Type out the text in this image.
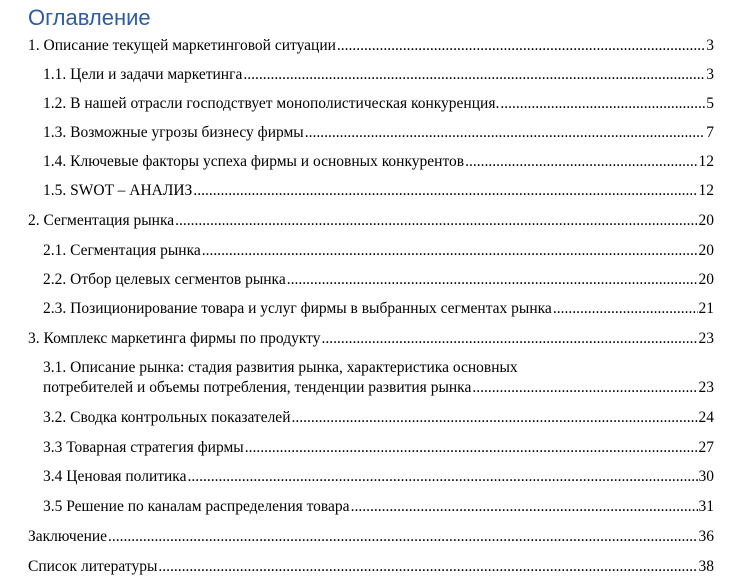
Оглавление
1. Описание текущей маркетинговой ситуации .....	3
1.1. Цели и задачи маркетинга .....	3
1.2. В нашей отрасли господствует монополистическая конкуренция. .....	5
1.3. Возможные угрозы бизнесу фирмы .....	7
1.4. Ключевые факторы успеха фирмы и основных конкурентов .....	12
1.5. SWOT – АНАЛИЗ .....	12
2. Сегментация рынка .....	20
2.1. Сегментация рынка .....	20
2.2. Отбор целевых сегментов рынка .....	20
2.3. Позиционирование товара и услуг фирмы в выбранных сегментах рынка .....	21
3. Комплекс маркетинга фирмы по продукту .....	23
3.1. Описание рынка: стадия развития рынка, характеристика основных
потребителей и объемы потребления, тенденции развития рынка .....	23
3.2. Сводка контрольных показателей .....	24
3.3 Товарная стратегия фирмы .....	27
3.4 Ценовая политика .....	30
3.5 Решение по каналам распределения товара .....	31
Заключение .....	36
Список литературы .....	38
